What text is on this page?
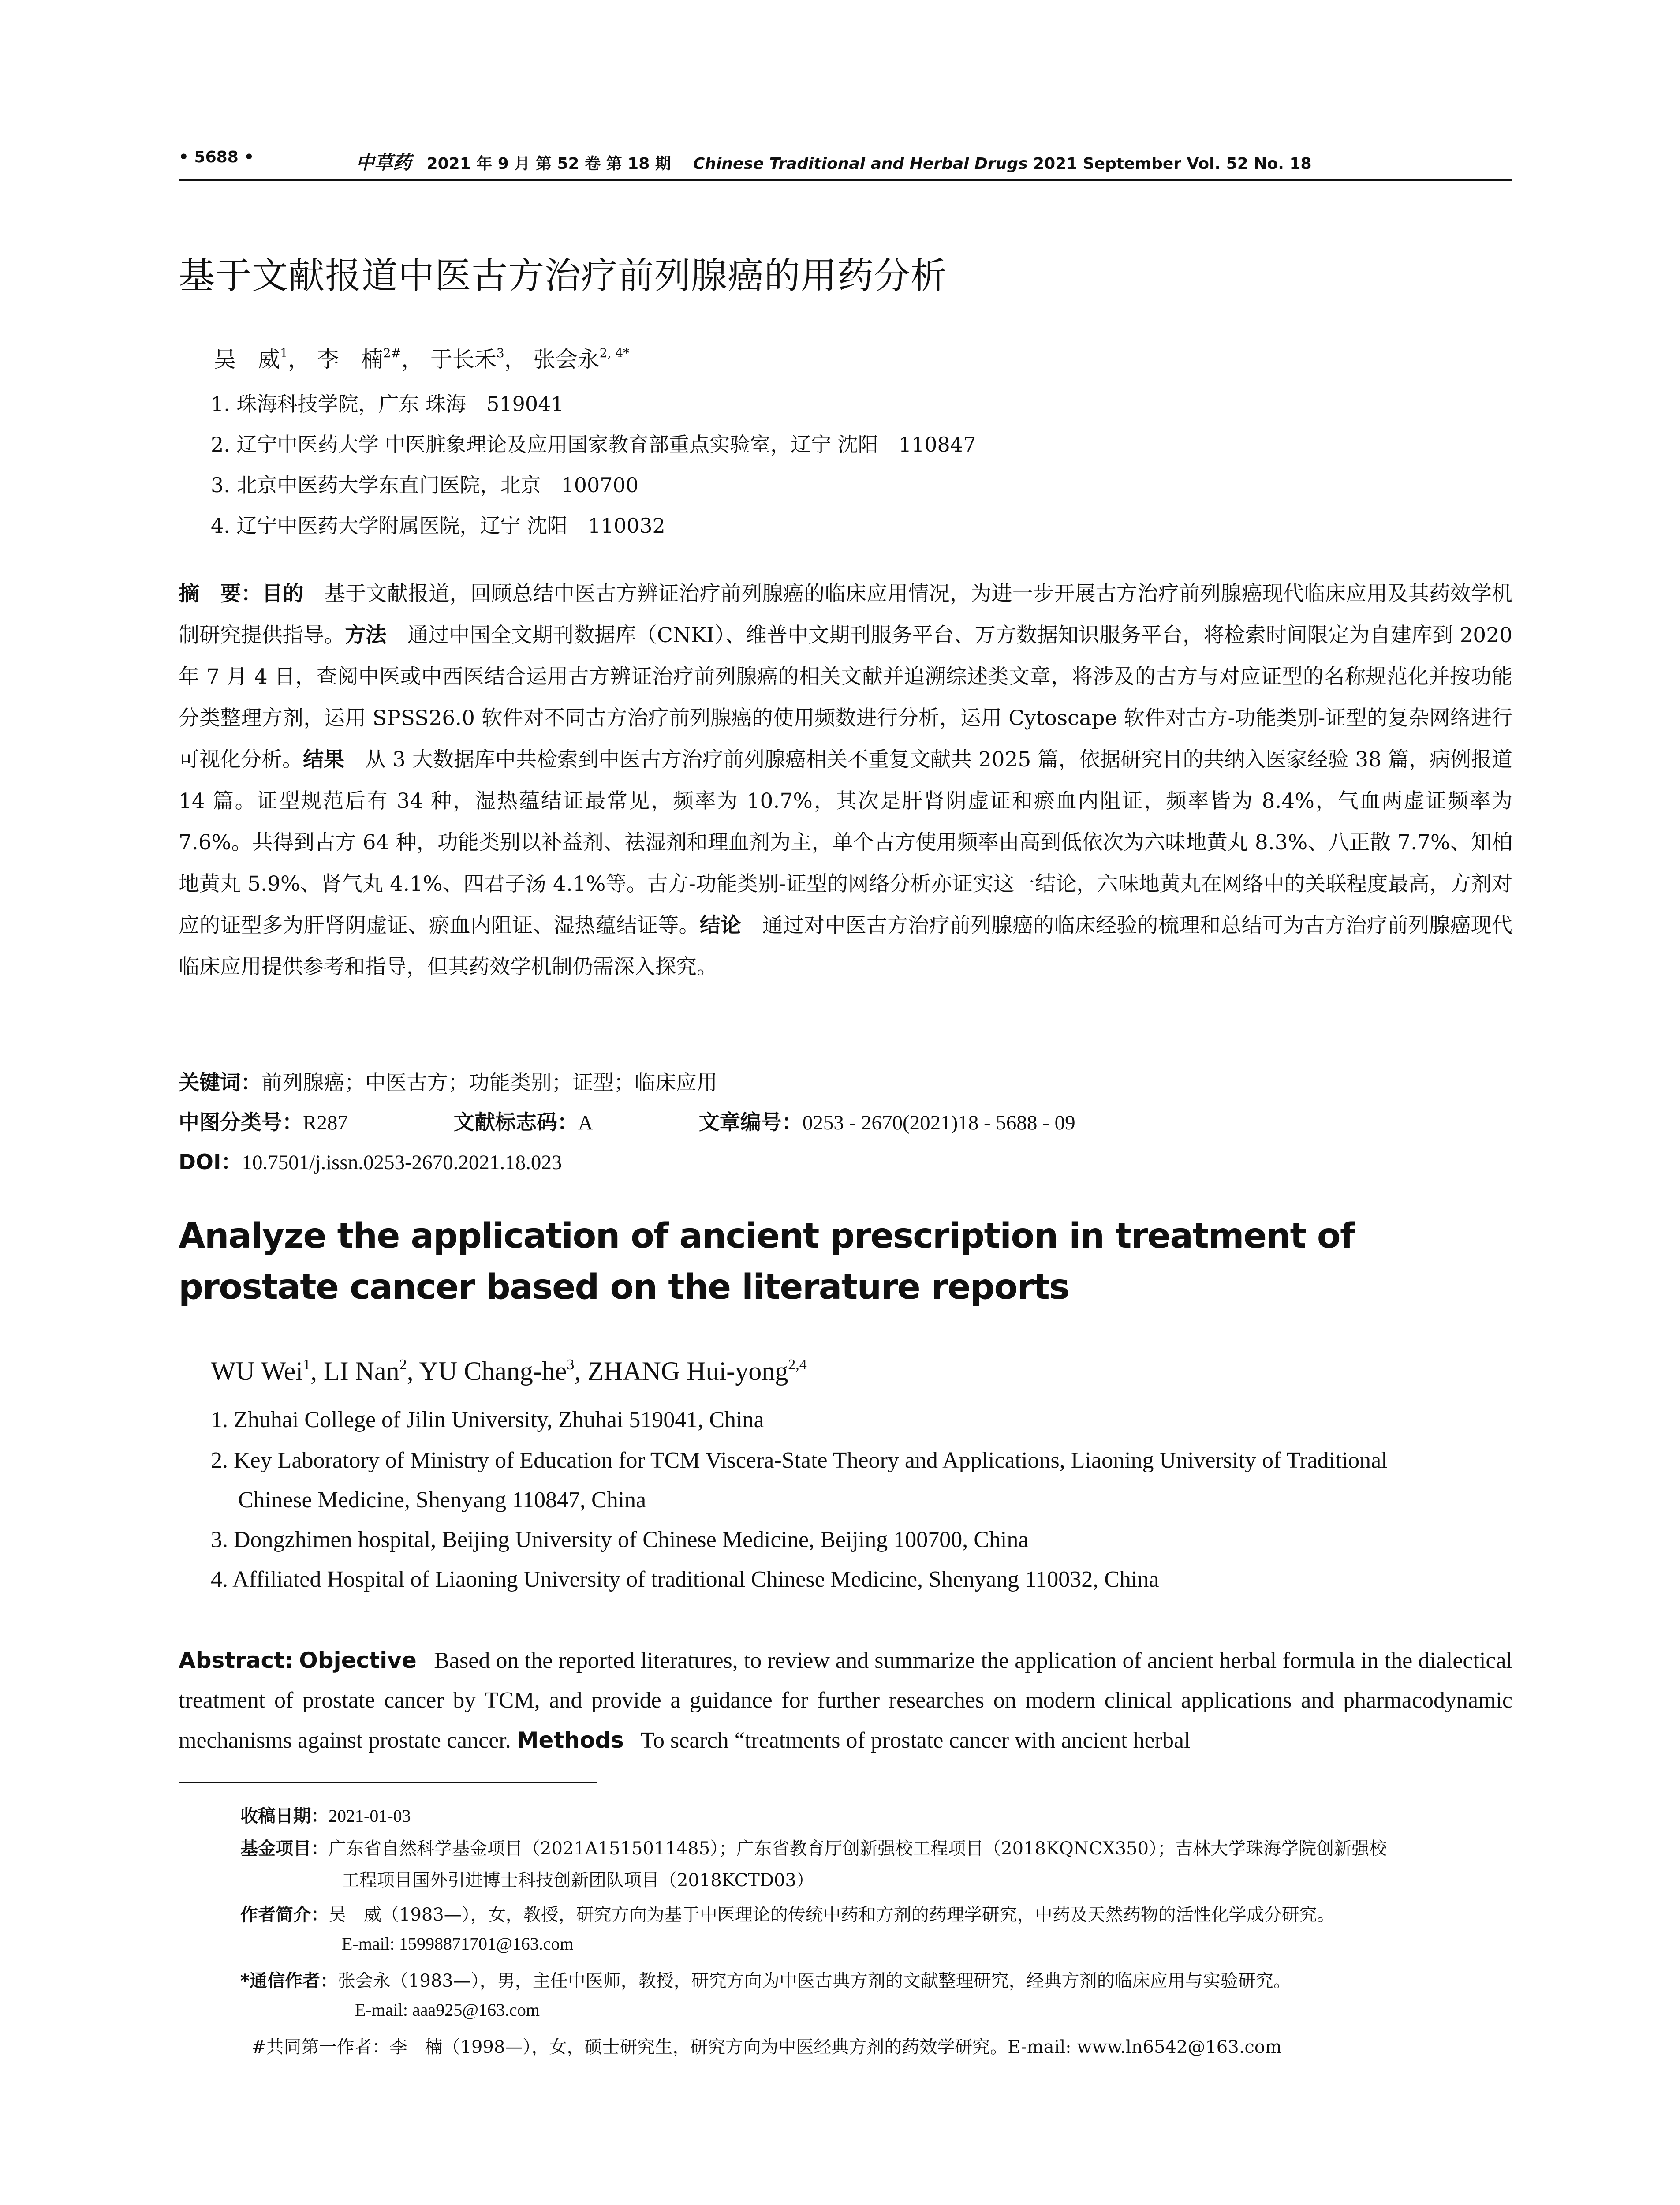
• 5688 •	中草药 2021 年 9 月 第 52 卷 第 18 期 Chinese Traditional and Herbal Drugs 2021 September Vol. 52 No. 18
基于文献报道中医古方治疗前列腺癌的用药分析
吴　威$^1$， 李　楠$^{2\#}$， 于长禾$^3$， 张会永$^{2, 4*}$
1. 珠海科技学院，广东 珠海　519041
2. 辽宁中医药大学 中医脏象理论及应用国家教育部重点实验室，辽宁 沈阳　110847
3. 北京中医药大学东直门医院，北京　100700
4. 辽宁中医药大学附属医院，辽宁 沈阳　110032
摘　要：目的　 基于文献报道，回顾总结中医古方辨证治疗前列腺癌的临床应用情况，为进一步开展古方治疗前列腺癌现代临床应用及其药效学机制研究提供指导。方法　 通过中国全文期刊数据库（CNKI）、维普中文期刊服务平台、万方数据知识服务平台，将检索时间限定为自建库到 2020 年 7 月 4 日，查阅中医或中西医结合运用古方辨证治疗前列腺癌的相关文献并追溯综述类文章，将涉及的古方与对应证型的名称规范化并按功能分类整理方剂，运用 SPSS26.0 软件对不同古方治疗前列腺癌的使用频数进行分析，运用 Cytoscape 软件对古方-功能类别-证型的复杂网络进行可视化分析。结果　 从 3 大数据库中共检索到中医古方治疗前列腺癌相关不重复文献共 2025 篇，依据研究目的共纳入医家经验 38 篇，病例报道 14 篇。证型规范后有 34 种，湿热蕴结证最常见，频率为 10.7%，其次是肝肾阴虚证和瘀血内阻证，频率皆为 8.4%，气血两虚证频率为 7.6%。共得到古方 64 种，功能类别以补益剂、祛湿剂和理血剂为主，单个古方使用频率由高到低依次为六味地黄丸 8.3%、八正散 7.7%、知柏地黄丸 5.9%、肾气丸 4.1%、四君子汤 4.1%等。古方-功能类别-证型的网络分析亦证实这一结论，六味地黄丸在网络中的关联程度最高，方剂对应的证型多为肝肾阴虚证、瘀血内阻证、湿热蕴结证等。结论　 通过对中医古方治疗前列腺癌的临床经验的梳理和总结可为古方治疗前列腺癌现代临床应用提供参考和指导，但其药效学机制仍需深入探究。
关键词：前列腺癌；中医古方；功能类别；证型；临床应用
中图分类号：R287	文献标志码：A	文章编号：0253 - 2670(2021)18 - 5688 - 09
DOI：10.7501/j.issn.0253-2670.2021.18.023
Analyze the application of ancient prescription in treatment of prostate cancer based on the literature reports
WU Wei$^1$, LI Nan$^2$, YU Chang-$he^3$, ZHANG Hui-yong$^{2,4}$
1. Zhuhai College of Jilin University, Zhuhai 519041, China
2. Key Laboratory of Ministry of Education for TCM Viscera-State Theory and Applications, Liaoning University of Traditional
Chinese Medicine, Shenyang 110847, China
3. Dongzhimen hospital, Beijing University of Chinese Medicine, Beijing 100700, China
4. Affiliated Hospital of Liaoning University of traditional Chinese Medicine, Shenyang 110032, China
Abstract: Objective Based on the reported literatures, to review and summarize the application of ancient herbal formula in the dialectical treatment of prostate cancer by TCM, and provide a guidance for further researches on modern clinical applications and pharmacodynamic mechanisms against prostate cancer. Methods To search “treatments of prostate cancer with ancient herbal
收稿日期：2021-01-03
基金项目：广东省自然科学基金项目（2021A1515011485）；广东省教育厅创新强校工程项目（2018KQNCX350）；吉林大学珠海学院创新强校
工程项目国外引进博士科技创新团队项目（2018KCTD03）
作者简介：吴　威（1983—），女，教授，研究方向为基于中医理论的传统中药和方剂的药理学研究，中药及天然药物的活性化学成分研究。
E-mail: 15998871701@163.com
*通信作者：张会永（1983—），男，主任中医师，教授，研究方向为中医古典方剂的文献整理研究，经典方剂的临床应用与实验研究。
E-mail: aaa925@163.com
#共同第一作者：李　楠（1998—），女，硕士研究生，研究方向为中医经典方剂的药效学研究。E-mail: www.ln6542@163.com
